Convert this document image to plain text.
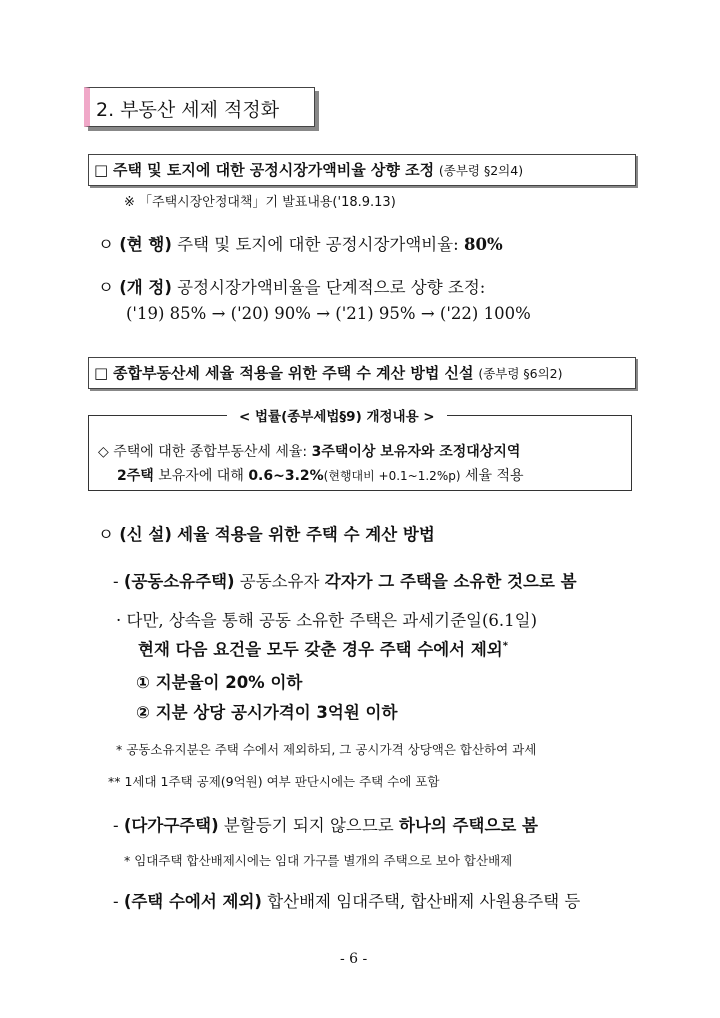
2. 부동산 세제 적정화
□ 주택 및 토지에 대한 공정시장가액비율 상향 조정 (종부령 §2의4)
※ 「주택시장안정대책」기 발표내용('18.9.13)
ㅇ (현 행) 주택 및 토지에 대한 공정시장가액비율: 80%
ㅇ (개 정) 공정시장가액비율을 단계적으로 상향 조정:
('19) 85% → ('20) 90% → ('21) 95% → ('22) 100%
□ 종합부동산세 세율 적용을 위한 주택 수 계산 방법 신설 (종부령 §6의2)
< 법률(종부세법§9) 개정내용 >
◇ 주택에 대한 종합부동산세 세율: 3주택이상 보유자와 조정대상지역
2주택 보유자에 대해 0.6~3.2%(현행대비 +0.1~1.2%p) 세율 적용
ㅇ (신 설) 세율 적용을 위한 주택 수 계산 방법
- (공동소유주택) 공동소유자 각자가 그 주택을 소유한 것으로 봄
· 다만, 상속을 통해 공동 소유한 주택은 과세기준일(6.1일)
현재 다음 요건을 모두 갖춘 경우 주택 수에서 제외*
① 지분율이 20% 이하
② 지분 상당 공시가격이 3억원 이하
* 공동소유지분은 주택 수에서 제외하되, 그 공시가격 상당액은 합산하여 과세
** 1세대 1주택 공제(9억원) 여부 판단시에는 주택 수에 포함
- (다가구주택) 분할등기 되지 않으므로 하나의 주택으로 봄
* 임대주택 합산배제시에는 임대 가구를 별개의 주택으로 보아 합산배제
- (주택 수에서 제외) 합산배제 임대주택, 합산배제 사원용주택 등
- 6 -
